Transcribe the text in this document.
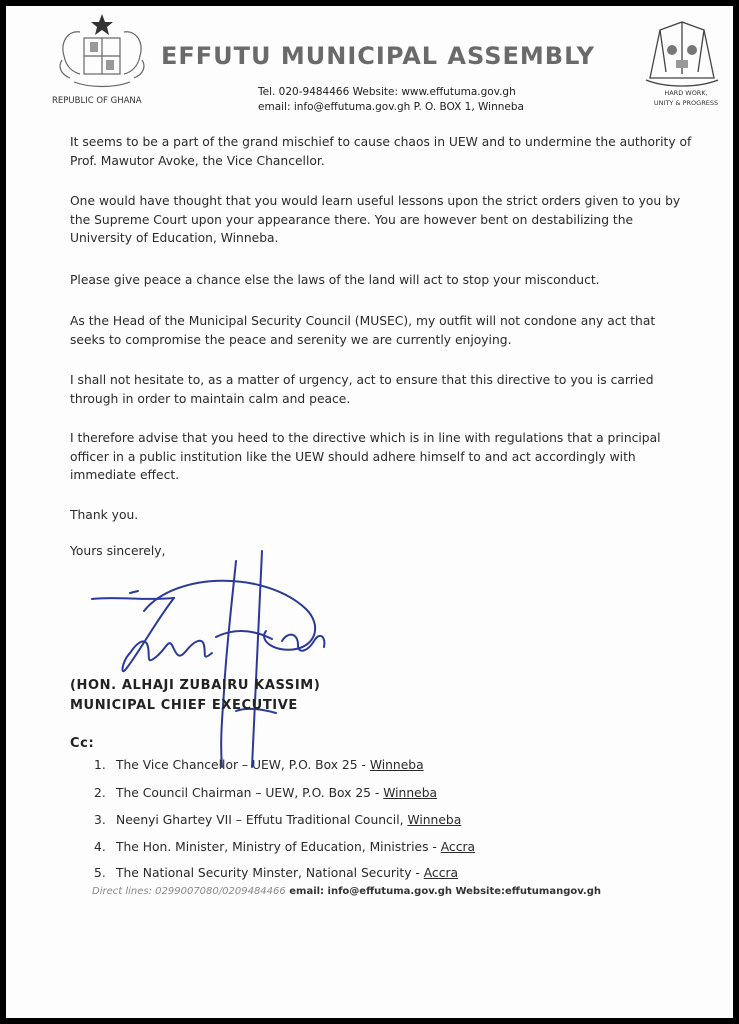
REPUBLIC OF GHANA
EFFUTU MUNICIPAL ASSEMBLY
Tel. 020-9484466 Website: www.effutuma.gov.gh
email: info@effutuma.gov.gh P. O. BOX 1, Winneba
HARD WORK,
UNITY & PROGRESS
It seems to be a part of the grand mischief to cause chaos in UEW and to undermine the authority of Prof. Mawutor Avoke, the Vice Chancellor.
One would have thought that you would learn useful lessons upon the strict orders given to you by the Supreme Court upon your appearance there. You are however bent on destabilizing the University of Education, Winneba.
Please give peace a chance else the laws of the land will act to stop your misconduct.
As the Head of the Municipal Security Council (MUSEC), my outfit will not condone any act that seeks to compromise the peace and serenity we are currently enjoying.
I shall not hesitate to, as a matter of urgency, act to ensure that this directive to you is carried through in order to maintain calm and peace.
I therefore advise that you heed to the directive which is in line with regulations that a principal officer in a public institution like the UEW should adhere himself to and act accordingly with immediate effect.
Thank you.
Yours sincerely,
(HON. ALHAJI ZUBAIRU KASSIM)
MUNICIPAL CHIEF EXECUTIVE
Cc:
1. The Vice Chancellor – UEW, P.O. Box 25 - Winneba
2. The Council Chairman – UEW, P.O. Box 25 - Winneba
3. Neenyi Ghartey VII – Effutu Traditional Council, Winneba
4. The Hon. Minister, Ministry of Education, Ministries - Accra
5. The National Security Minster, National Security - Accra
Direct lines: 0299007080/0209484466 email: info@effutuma.gov.gh Website:effutumangov.gh
